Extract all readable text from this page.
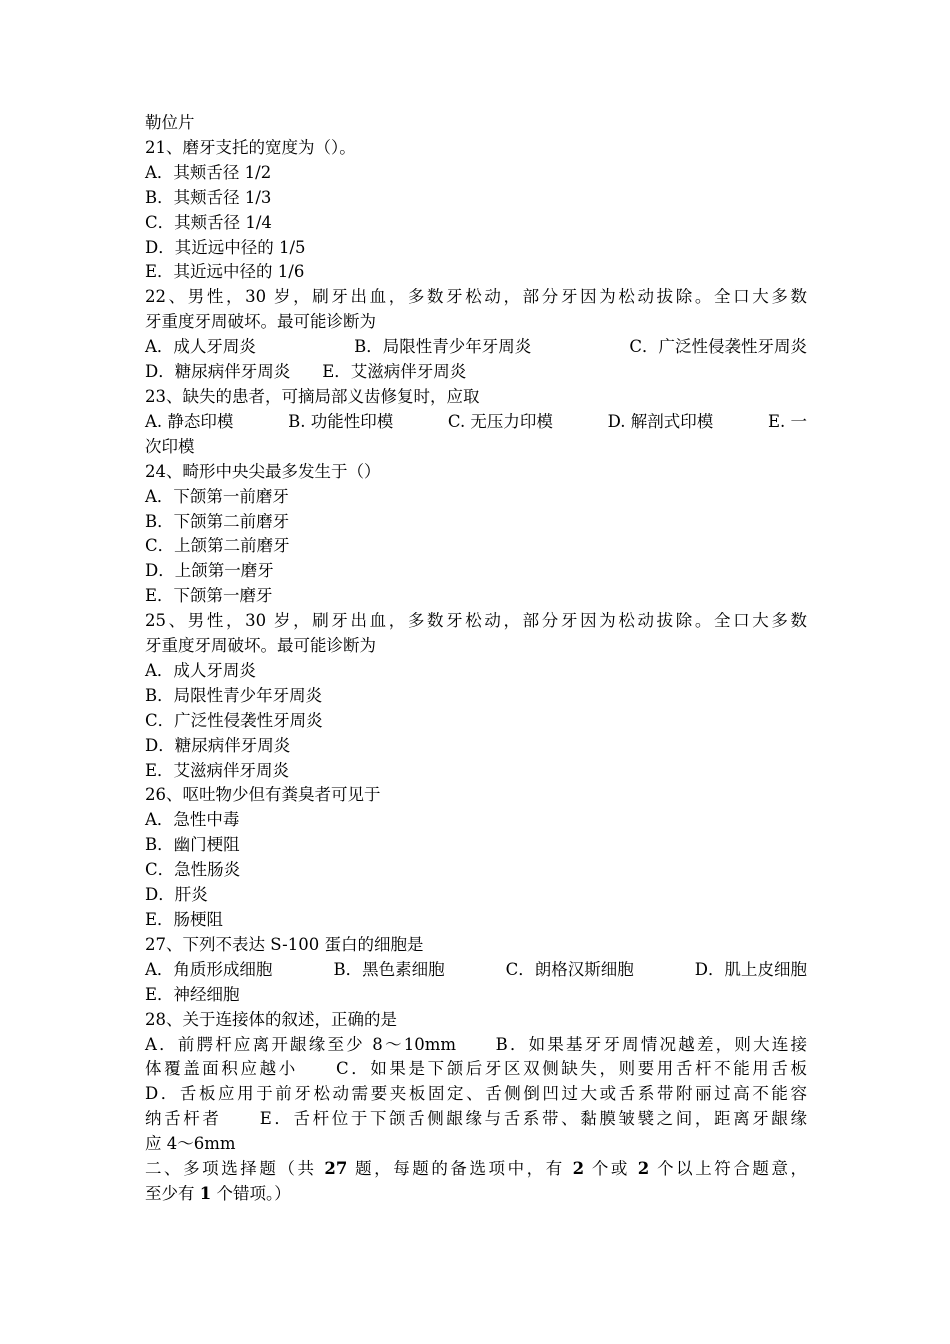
勒位片
21、磨牙支托的宽度为（）。
A．其颊舌径 1/2
B．其颊舌径 1/3
C．其颊舌径 1/4
D．其近远中径的 1/5
E．其近远中径的 1/6
22、男性，30 岁，刷牙出血，多数牙松动，部分牙因为松动拔除。全口大多数
牙重度牙周破坏。最可能诊断为
A．成人牙周炎	B．局限性青少年牙周炎	C．广泛性侵袭性牙周炎
D．糖尿病伴牙周炎 E．艾滋病伴牙周炎
23、缺失的患者，可摘局部义齿修复时，应取
A. 静态印模	B. 功能性印模	C. 无压力印模	D. 解剖式印模	E. 一
次印模
24、畸形中央尖最多发生于（）
A．下颌第一前磨牙
B．下颌第二前磨牙
C．上颌第二前磨牙
D．上颌第一磨牙
E．下颌第一磨牙
25、男性，30 岁，刷牙出血，多数牙松动，部分牙因为松动拔除。全口大多数
牙重度牙周破坏。最可能诊断为
A．成人牙周炎
B．局限性青少年牙周炎
C．广泛性侵袭性牙周炎
D．糖尿病伴牙周炎
E．艾滋病伴牙周炎
26、呕吐物少但有粪臭者可见于
A．急性中毒
B．幽门梗阻
C．急性肠炎
D．肝炎
E．肠梗阻
27、下列不表达 S-100 蛋白的细胞是
A．角质形成细胞	B．黑色素细胞	C．朗格汉斯细胞	D．肌上皮细胞
E．神经细胞
28、关于连接体的叙述，正确的是
A．前腭杆应离开龈缘至少 8～10mm　　B．如果基牙牙周情况越差，则大连接
体覆盖面积应越小　　C．如果是下颌后牙区双侧缺失，则要用舌杆不能用舌板
D．舌板应用于前牙松动需要夹板固定、舌侧倒凹过大或舌系带附丽过高不能容
纳舌杆者　　E．舌杆位于下颌舌侧龈缘与舌系带、黏膜皱襞之间，距离牙龈缘
应 4～6mm
二、多项选择题（共 27 题，每题的备选项中，有 2 个或 2 个以上符合题意，
至少有 1 个错项。）
